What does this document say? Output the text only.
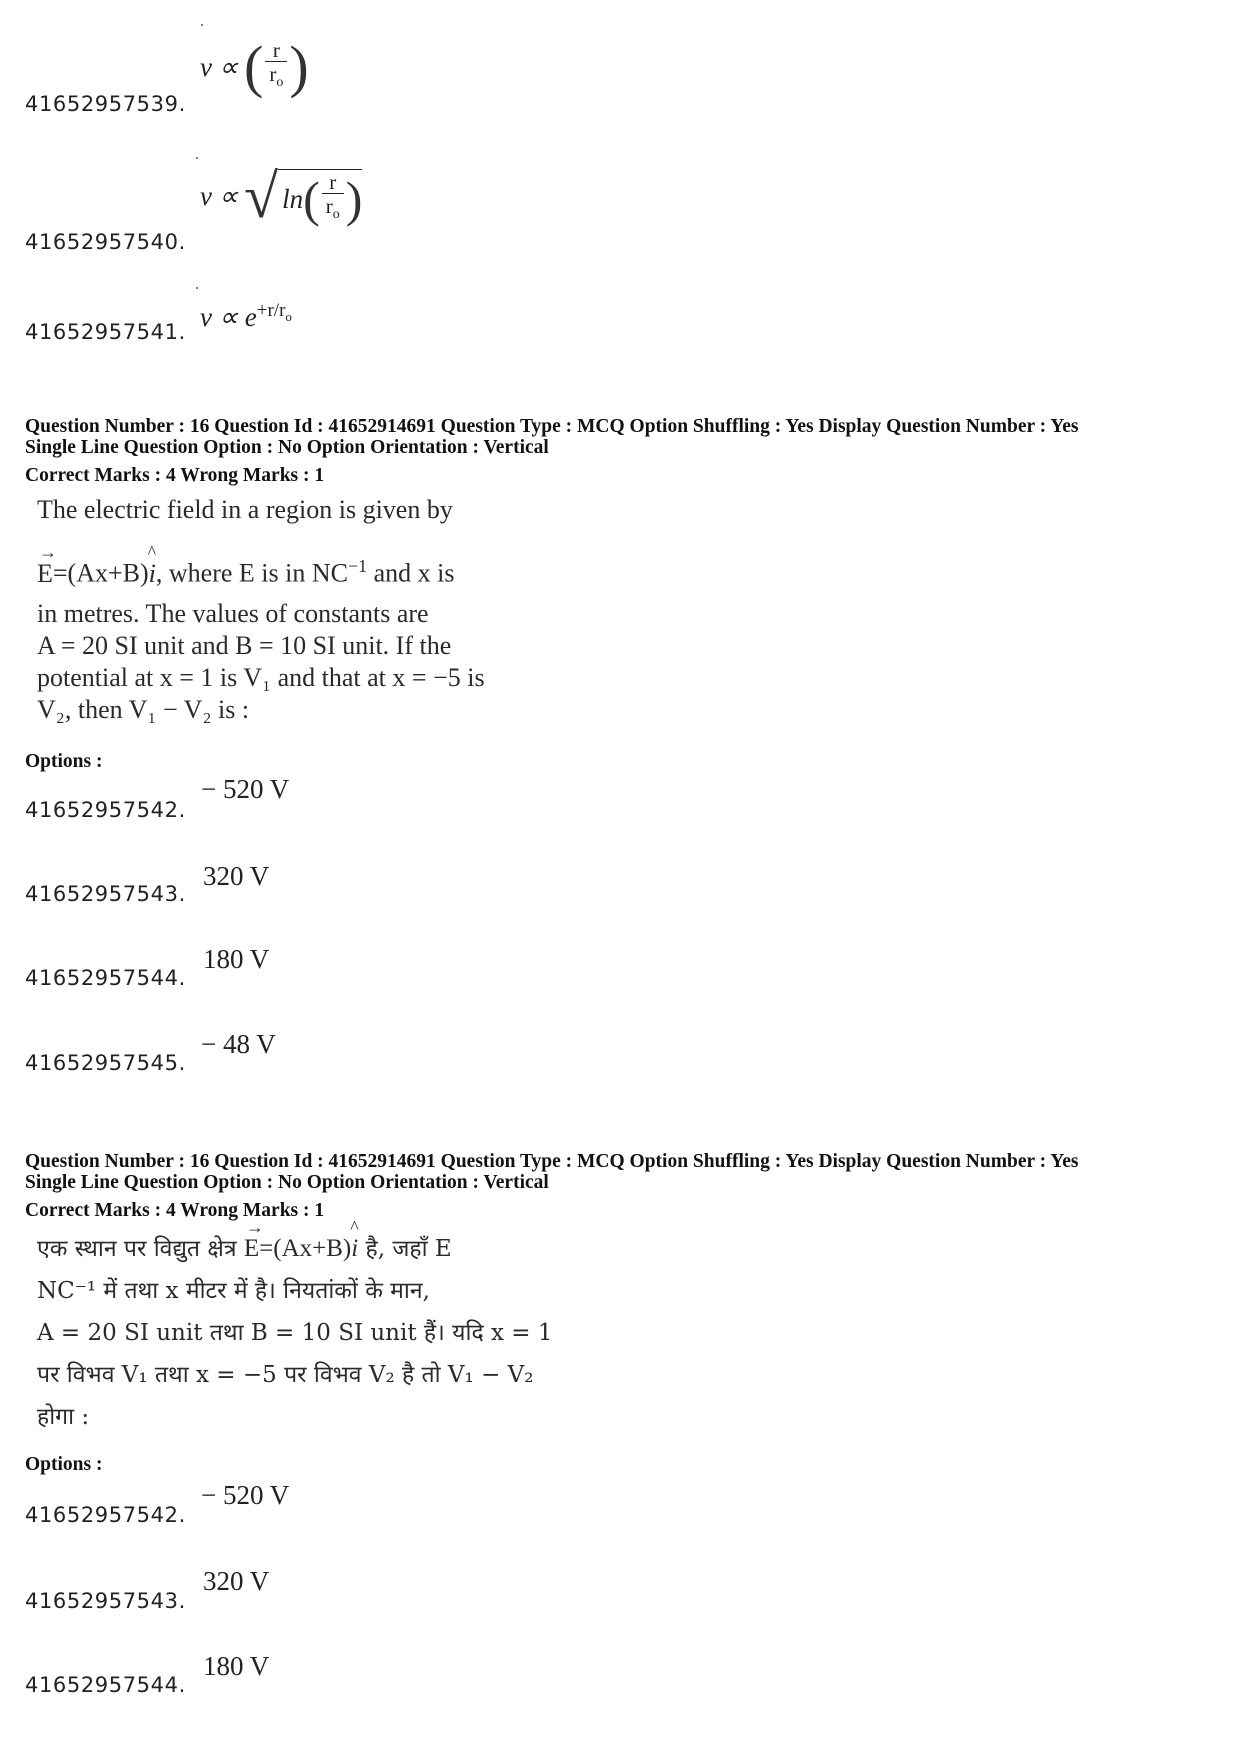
41652957539.
v ∝ ( $\frac{r}{r_o}$ )
41652957540.
v ∝ √ ln ( $\frac{r}{r_o}$ )
41652957541. $v \propto e^{+r/r_o}$
Question Number : 16 Question Id : 41652914691 Question Type : MCQ Option Shuffling : Yes Display Question Number : Yes
Single Line Question Option : No Option Orientation : Vertical
Correct Marks : 4 Wrong Marks : 1
The electric field in a region is given by
→ E=(Ax+B)^ i, where E is in $NC^{-1}$ and x is
in metres. The values of constants are
A = 20 SI unit and B = 10 SI unit. If the
potential at x = 1 is V₁ and that at x = −5 is
V₂, then V₁ − V₂ is :
Options :
41652957542.
− 520 V
41652957543.
320 V
41652957544.
180 V
41652957545.
− 48 V
Question Number : 16 Question Id : 41652914691 Question Type : MCQ Option Shuffling : Yes Display Question Number : Yes
Single Line Question Option : No Option Orientation : Vertical
Correct Marks : 4 Wrong Marks : 1
एक स्थान पर विद्युत क्षेत्र → E=(Ax+B)^ i है, जहाँ E
NC⁻¹ में तथा x मीटर में है। नियतांकों के मान,
A = 20 SI unit तथा B = 10 SI unit हैं। यदि x = 1
पर विभव V₁ तथा x = −5 पर विभव V₂ है तो V₁ − V₂
होगा :
Options :
41652957542.
− 520 V
41652957543.
320 V
41652957544.
180 V
